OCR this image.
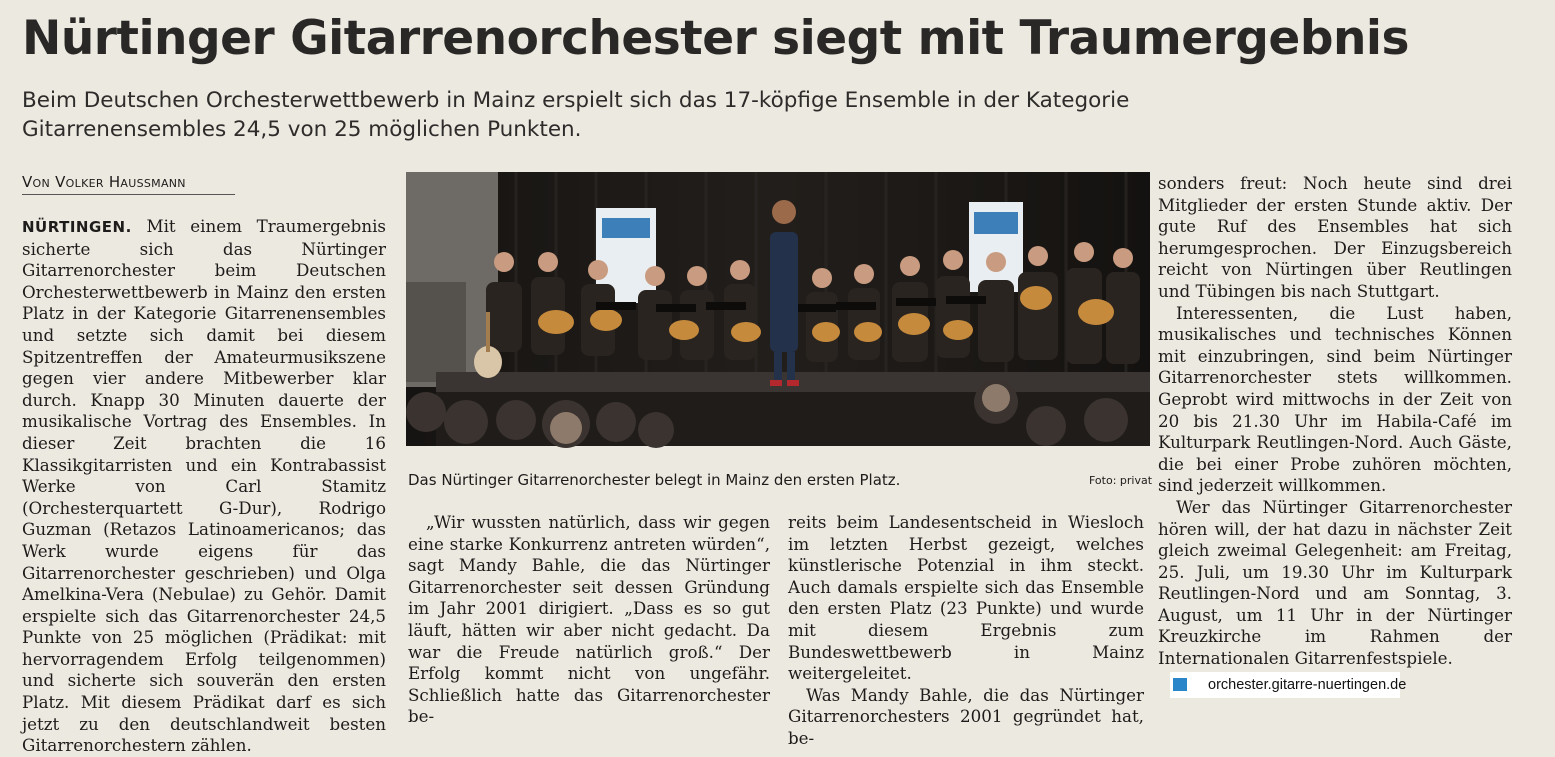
Nürtinger Gitarrenorchester siegt mit Traumergebnis
Beim Deutschen Orchesterwettbewerb in Mainz erspielt sich das 17-köpfige Ensemble in der Kategorie Gitarrenensembles 24,5 von 25 möglichen Punkten.
Von Volker Haussmann

NÜRTINGEN. Mit einem Traumergebnis sicherte sich das Nürtinger Gitarrenorchester beim Deutschen Orchesterwettbewerb in Mainz den ersten Platz in der Kategorie Gitarrenensembles und setzte sich damit bei diesem Spitzentreffen der Amateurmusikszene gegen vier andere Mitbewerber klar durch. Knapp 30 Minuten dauerte der musikalische Vortrag des Ensembles. In dieser Zeit brachten die 16 Klassikgitarristen und ein Kontrabassist Werke von Carl Stamitz (Orchesterquartett G-Dur), Rodrigo Guzman (Retazos Latinoamericanos; das Werk wurde eigens für das Gitarrenorchester geschrieben) und Olga Amelkina-Vera (Nebulae) zu Gehör. Damit erspielte sich das Gitarrenorchester 24,5 Punkte von 25 möglichen (Prädikat: mit hervorragendem Erfolg teilgenommen) und sicherte sich souverän den ersten Platz. Mit diesem Prädikat darf es sich jetzt zu den deutschlandweit besten Gitarrenorchestern zählen.

Das Nürtinger Gitarrenorchester belegt in Mainz den ersten Platz.	Foto: privat

„Wir wussten natürlich, dass wir gegen eine starke Konkurrenz antreten würden“, sagt Mandy Bahle, die das Nürtinger Gitarrenorchester seit dessen Gründung im Jahr 2001 dirigiert. „Dass es so gut läuft, hätten wir aber nicht gedacht. Da war die Freude natürlich groß.“ Der Erfolg kommt nicht von ungefähr. Schließlich hatte das Gitarrenorchester be-

reits beim Landesentscheid in Wiesloch im letzten Herbst gezeigt, welches künstlerische Potenzial in ihm steckt. Auch damals erspielte sich das Ensemble den ersten Platz (23 Punkte) und wurde mit diesem Ergebnis zum Bundeswettbewerb in Mainz weitergeleitet.

Was Mandy Bahle, die das Nürtinger Gitarrenorchesters 2001 gegründet hat, be-

sonders freut: Noch heute sind drei Mitglieder der ersten Stunde aktiv. Der gute Ruf des Ensembles hat sich herumgesprochen. Der Einzugsbereich reicht von Nürtingen über Reutlingen und Tübingen bis nach Stuttgart.

Interessenten, die Lust haben, musikalisches und technisches Können mit einzubringen, sind beim Nürtinger Gitarrenorchester stets willkommen. Geprobt wird mittwochs in der Zeit von 20 bis 21.30 Uhr im Habila-Café im Kulturpark Reutlingen-Nord. Auch Gäste, die bei einer Probe zuhören möchten, sind jederzeit willkommen.

Wer das Nürtinger Gitarrenorchester hören will, der hat dazu in nächster Zeit gleich zweimal Gelegenheit: am Freitag, 25. Juli, um 19.30 Uhr im Kulturpark Reutlingen-Nord und am Sonntag, 3. August, um 11 Uhr in der Nürtinger Kreuzkirche im Rahmen der Internationalen Gitarrenfestspiele.

orchester.gitarre-nuertingen.de
